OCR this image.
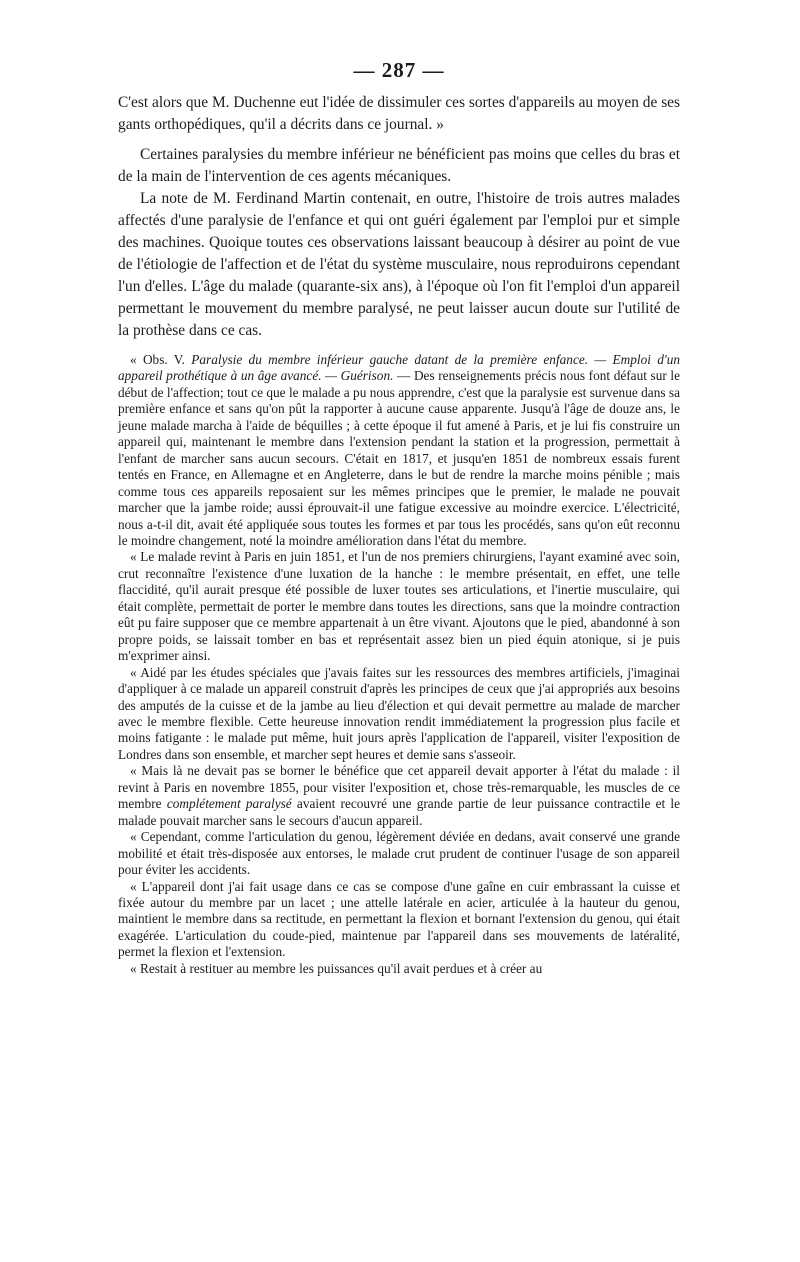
— 287 —

C'est alors que M. Duchenne eut l'idée de dissimuler ces sortes d'appareils au moyen de ses gants orthopédiques, qu'il a décrits dans ce journal. »

Certaines paralysies du membre inférieur ne bénéficient pas moins que celles du bras et de la main de l'intervention de ces agents mécaniques.

La note de M. Ferdinand Martin contenait, en outre, l'histoire de trois autres malades affectés d'une paralysie de l'enfance et qui ont guéri également par l'emploi pur et simple des machines. Quoique toutes ces observations laissant beaucoup à désirer au point de vue de l'étiologie de l'affection et de l'état du système musculaire, nous reproduirons cependant l'un d'elles. L'âge du malade (quarante-six ans), à l'époque où l'on fit l'emploi d'un appareil permettant le mouvement du membre paralysé, ne peut laisser aucun doute sur l'utilité de la prothèse dans ce cas.

« Obs. V. Paralysie du membre inférieur gauche datant de la première enfance. — Emploi d'un appareil prothétique à un âge avancé. — Guérison. — Des renseignements précis nous font défaut sur le début de l'affection; tout ce que le malade a pu nous apprendre, c'est que la paralysie est survenue dans sa première enfance et sans qu'on pût la rapporter à aucune cause apparente. Jusqu'à l'âge de douze ans, le jeune malade marcha à l'aide de béquilles ; à cette époque il fut amené à Paris, et je lui fis construire un appareil qui, maintenant le membre dans l'extension pendant la station et la progression, permettait à l'enfant de marcher sans aucun secours. C'était en 1817, et jusqu'en 1851 de nombreux essais furent tentés en France, en Allemagne et en Angleterre, dans le but de rendre la marche moins pénible ; mais comme tous ces appareils reposaient sur les mêmes principes que le premier, le malade ne pouvait marcher que la jambe roide; aussi éprouvait-il une fatigue excessive au moindre exercice. L'électricité, nous a-t-il dit, avait été appliquée sous toutes les formes et par tous les procédés, sans qu'on eût reconnu le moindre changement, noté la moindre amélioration dans l'état du membre.

« Le malade revint à Paris en juin 1851, et l'un de nos premiers chirurgiens, l'ayant examiné avec soin, crut reconnaître l'existence d'une luxation de la hanche : le membre présentait, en effet, une telle flaccidité, qu'il aurait presque été possible de luxer toutes ses articulations, et l'inertie musculaire, qui était complète, permettait de porter le membre dans toutes les directions, sans que la moindre contraction eût pu faire supposer que ce membre appartenait à un être vivant. Ajoutons que le pied, abandonné à son propre poids, se laissait tomber en bas et représentait assez bien un pied équin atonique, si je puis m'exprimer ainsi.

« Aidé par les études spéciales que j'avais faites sur les ressources des membres artificiels, j'imaginai d'appliquer à ce malade un appareil construit d'après les principes de ceux que j'ai appropriés aux besoins des amputés de la cuisse et de la jambe au lieu d'élection et qui devait permettre au malade de marcher avec le membre flexible. Cette heureuse innovation rendit immédiatement la progression plus facile et moins fatigante : le malade put même, huit jours après l'application de l'appareil, visiter l'exposition de Londres dans son ensemble, et marcher sept heures et demie sans s'asseoir.

« Mais là ne devait pas se borner le bénéfice que cet appareil devait apporter à l'état du malade : il revint à Paris en novembre 1855, pour visiter l'exposition et, chose très-remarquable, les muscles de ce membre complétement paralysé avaient recouvré une grande partie de leur puissance contractile et le malade pouvait marcher sans le secours d'aucun appareil.

« Cependant, comme l'articulation du genou, légèrement déviée en dedans, avait conservé une grande mobilité et était très-disposée aux entorses, le malade crut prudent de continuer l'usage de son appareil pour éviter les accidents.

« L'appareil dont j'ai fait usage dans ce cas se compose d'une gaîne en cuir embrassant la cuisse et fixée autour du membre par un lacet ; une attelle latérale en acier, articulée à la hauteur du genou, maintient le membre dans sa rectitude, en permettant la flexion et bornant l'extension du genou, qui était exagérée. L'articulation du coude-pied, maintenue par l'appareil dans ses mouvements de latéralité, permet la flexion et l'extension.

« Restait à restituer au membre les puissances qu'il avait perdues et à créer au
